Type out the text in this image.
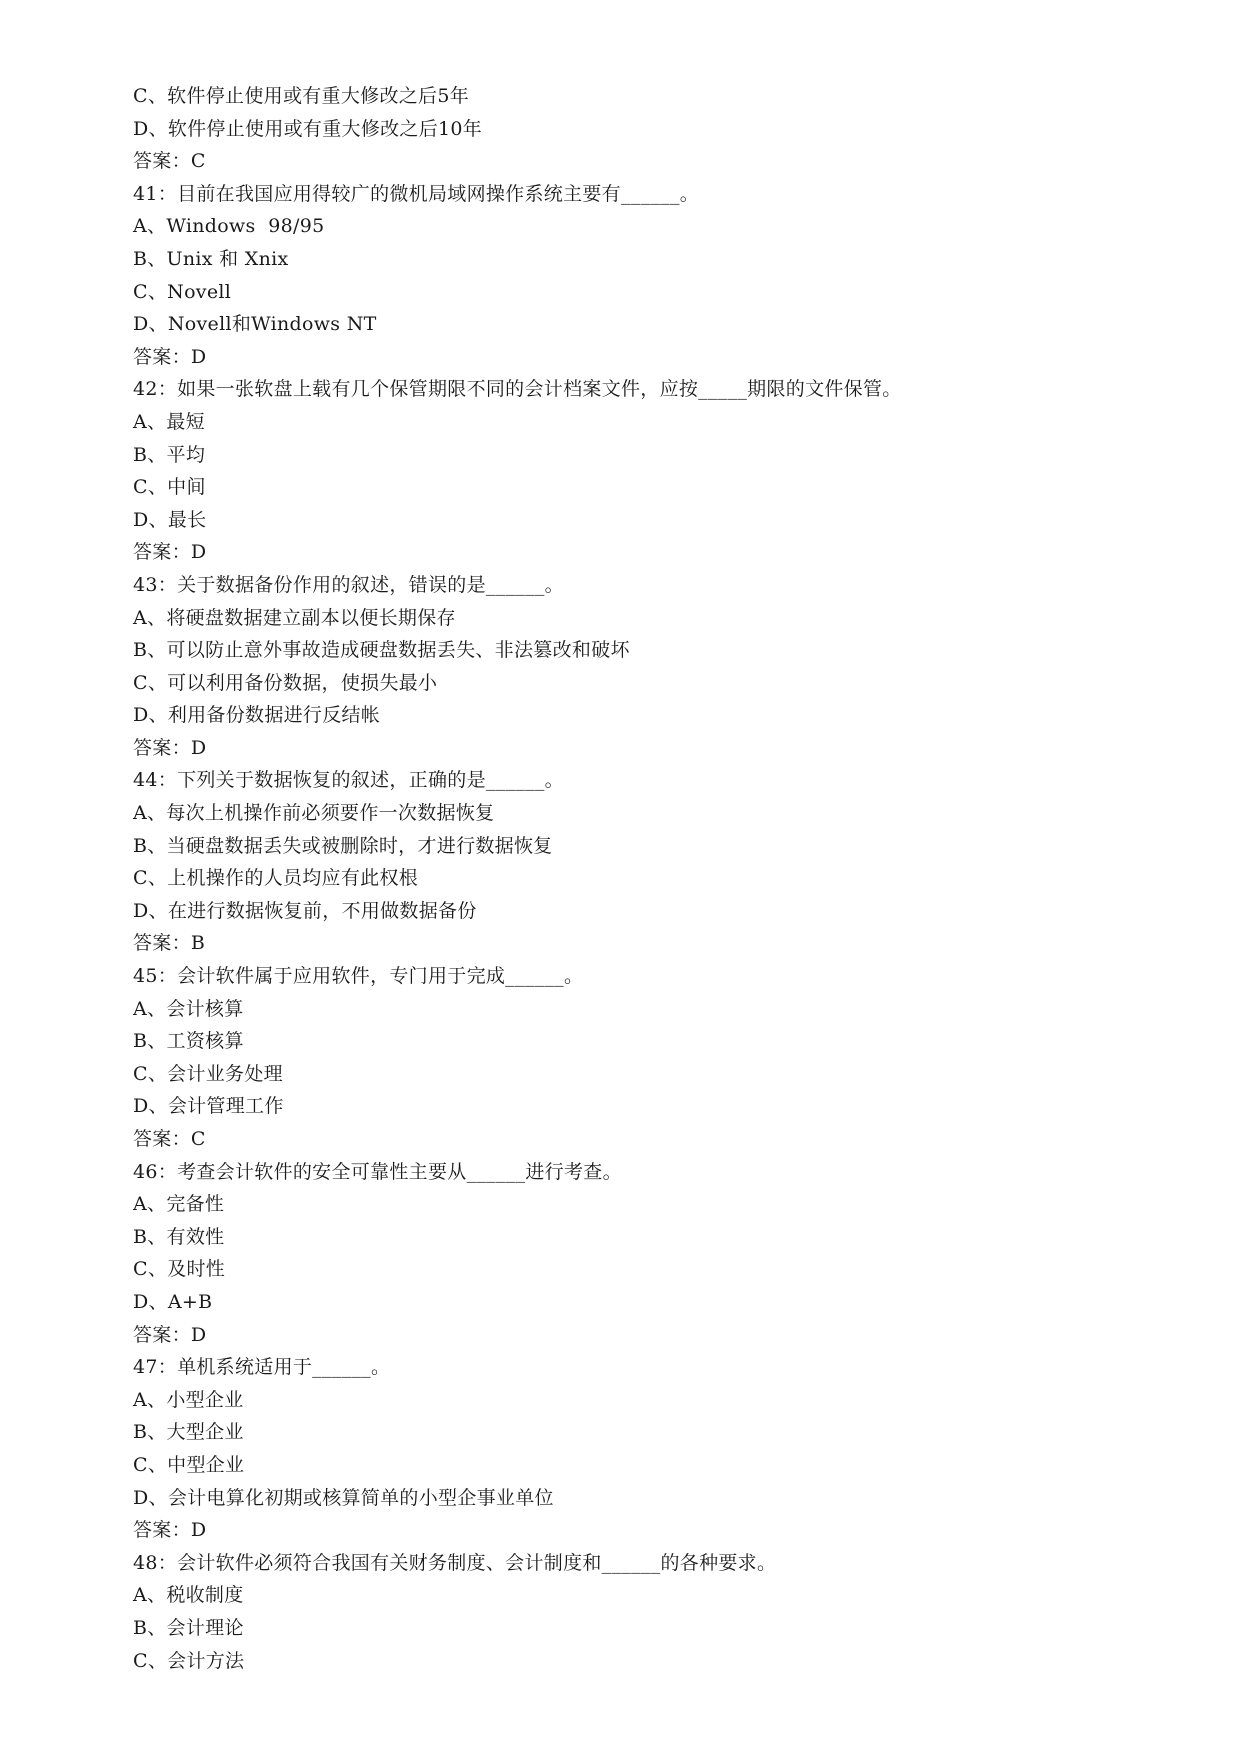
C、软件停止使用或有重大修改之后5年
D、软件停止使用或有重大修改之后10年
答案：C
41：目前在我国应用得较广的微机局域网操作系统主要有______。
A、Windows  98/95
B、Unix 和 Xnix
C、Novell
D、Novell和Windows NT
答案：D
42：如果一张软盘上载有几个保管期限不同的会计档案文件，应按_____期限的文件保管。
A、最短
B、平均
C、中间
D、最长
答案：D
43：关于数据备份作用的叙述，错误的是______。
A、将硬盘数据建立副本以便长期保存
B、可以防止意外事故造成硬盘数据丢失、非法篡改和破坏
C、可以利用备份数据，使损失最小
D、利用备份数据进行反结帐
答案：D
44：下列关于数据恢复的叙述，正确的是______。
A、每次上机操作前必须要作一次数据恢复
B、当硬盘数据丢失或被删除时，才进行数据恢复
C、上机操作的人员均应有此权根
D、在进行数据恢复前，不用做数据备份
答案：B
45：会计软件属于应用软件，专门用于完成______。
A、会计核算
B、工资核算
C、会计业务处理
D、会计管理工作
答案：C
46：考查会计软件的安全可靠性主要从______进行考查。
A、完备性
B、有效性
C、及时性
D、A+B
答案：D
47：单机系统适用于______。
A、小型企业
B、大型企业
C、中型企业
D、会计电算化初期或核算简单的小型企事业单位
答案：D
48：会计软件必须符合我国有关财务制度、会计制度和______的各种要求。
A、税收制度
B、会计理论
C、会计方法
